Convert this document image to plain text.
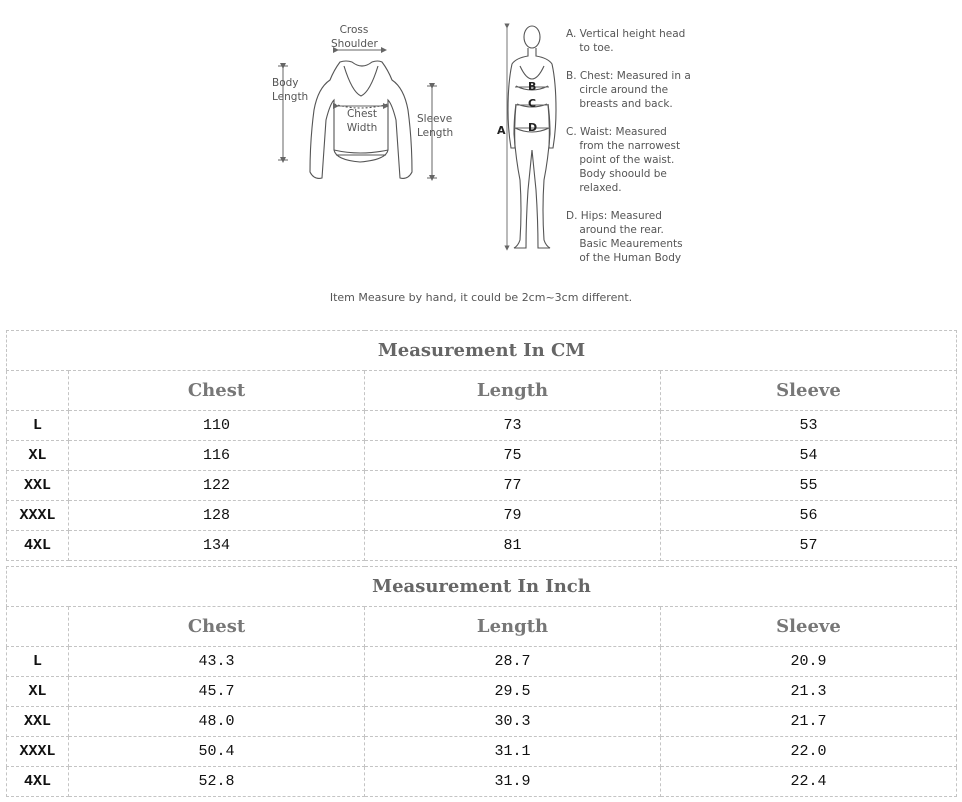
Cross
Shoulder
Body
Length
Chest
Width
Sleeve
Length	A
B
C
D
A. Vertical height head
to toe.
B. Chest: Measured in a
circle around the
breasts and back.
C. Waist: Measured
from the narrowest
point of the waist.
Body shoould be
relaxed.
D. Hips: Measured
around the rear.
Basic Meaurements
of the Human Body
Item Measure by hand, it could be 2cm~3cm different.
Measurement In CM			
	Chest	Length	Sleeve
L	110	73	53
XL	116	75	54
XXL	122	77	55
XXXL	128	79	56
4XL	134	81	57
Measurement In Inch			
	Chest	Length	Sleeve
L	43.3	28.7	20.9
XL	45.7	29.5	21.3
XXL	48.0	30.3	21.7
XXXL	50.4	31.1	22.0
4XL	52.8	31.9	22.4
